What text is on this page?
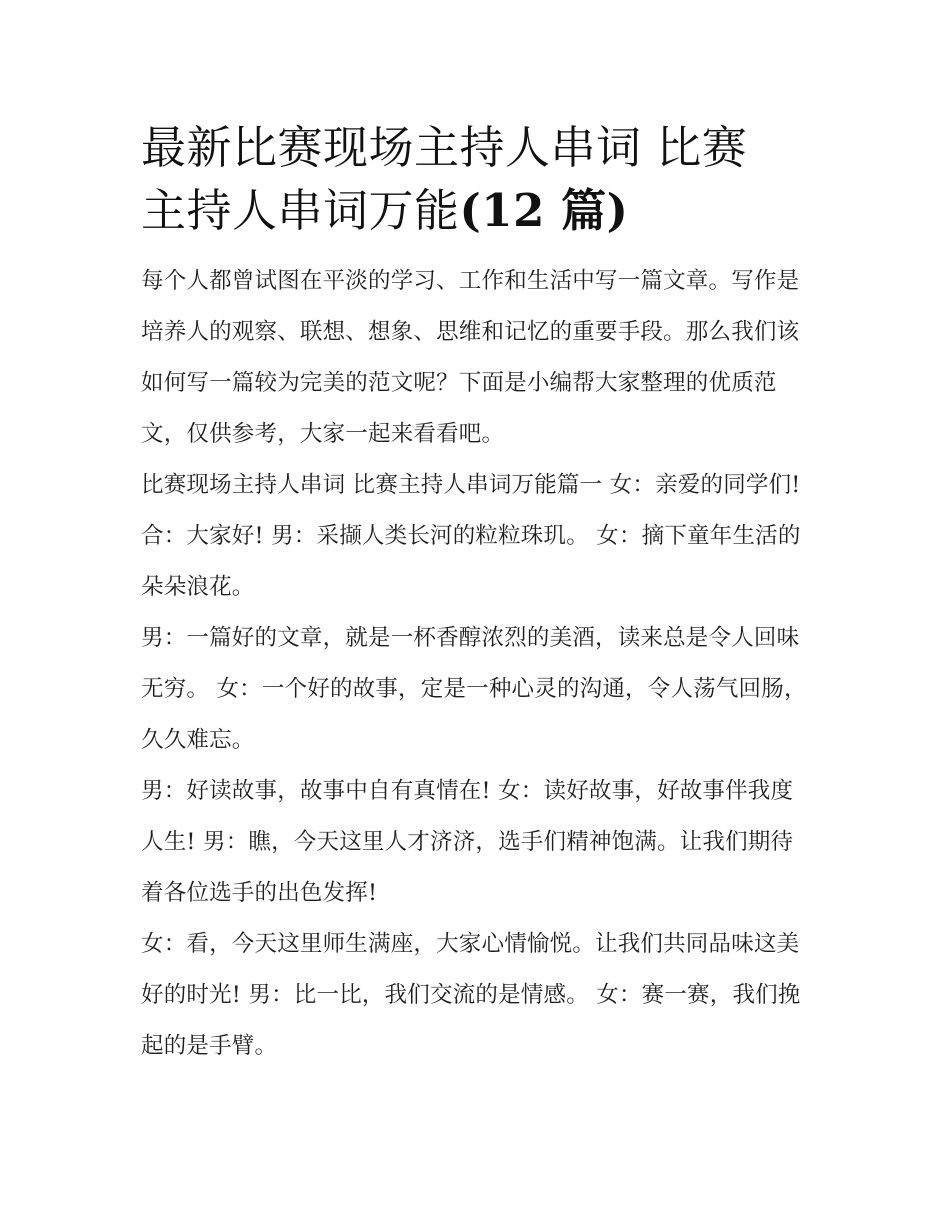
最新比赛现场主持人串词 比赛
主持人串词万能(12 篇)

每个人都曾试图在平淡的学习、工作和生活中写一篇文章。写作是培养人的观察、联想、想象、思维和记忆的重要手段。那么我们该如何写一篇较为完美的范文呢？下面是小编帮大家整理的优质范文，仅供参考，大家一起来看看吧。

比赛现场主持人串词 比赛主持人串词万能篇一 女：亲爱的同学们! 合：大家好! 男：采撷人类长河的粒粒珠玑。 女：摘下童年生活的朵朵浪花。

男：一篇好的文章，就是一杯香醇浓烈的美酒，读来总是令人回味无穷。 女：一个好的故事，定是一种心灵的沟通，令人荡气回肠，久久难忘。

男：好读故事，故事中自有真情在! 女：读好故事，好故事伴我度人生! 男：瞧，今天这里人才济济，选手们精神饱满。让我们期待着各位选手的出色发挥!

女：看，今天这里师生满座，大家心情愉悦。让我们共同品味这美好的时光! 男：比一比，我们交流的是情感。 女：赛一赛，我们挽起的是手臂。
